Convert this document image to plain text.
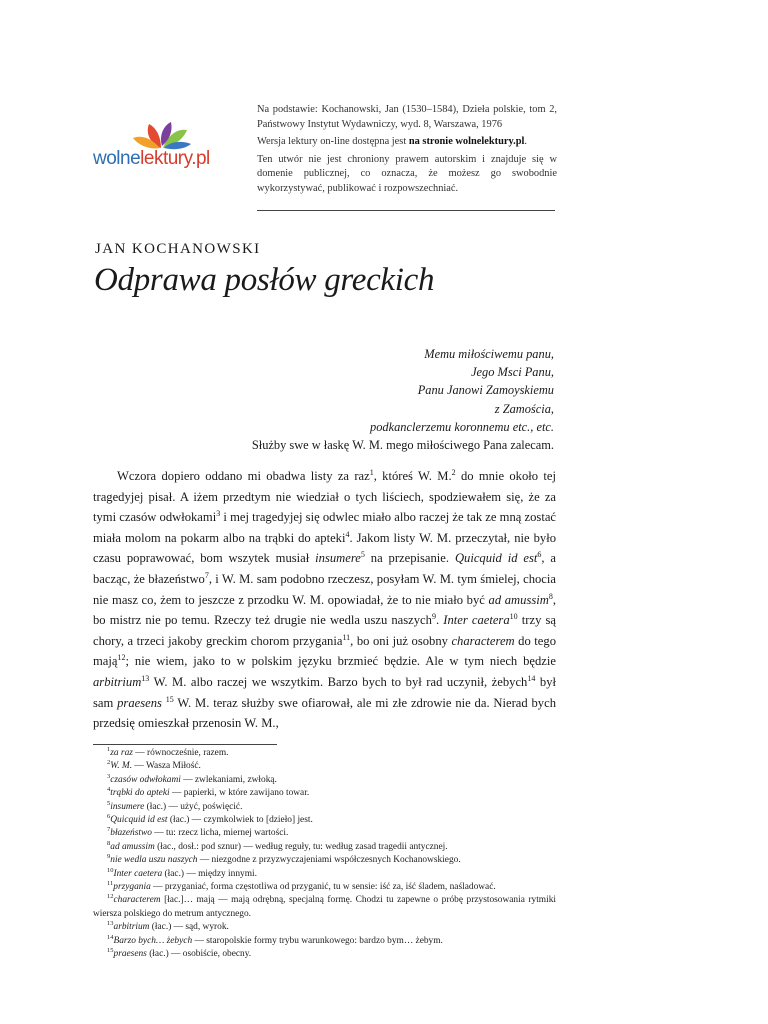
wolnelektury.pl

Na podstawie: Kochanowski, Jan (1530–1584), Dzieła polskie, tom 2, Państwowy Instytut Wydawniczy, wyd. 8, Warszawa, 1976

Wersja lektury on-line dostępna jest na stronie wolnelektury.pl.

Ten utwór nie jest chroniony prawem autorskim i znajduje się w domenie publicznej, co oznacza, że możesz go swobodnie wykorzystywać, publikować i rozpowszechniać.

JAN KOCHANOWSKI
Odprawa posłów greckich
Memu miłościwemu panu,
Jego Msci Panu,
Panu Janowi Zamoyskiemu
z Zamościa,
podkanclerzemu koronnemu etc., etc.
Służby swe w łaskę W. M. mego miłościwego Pana zalecam.

Wczora dopiero oddano mi obadwa listy za raz$^1$, któreś W. M.$^2$ do mnie około tej tragedyjej pisał. A iżem przedtym nie wiedział o tych liściech, spodziewałem się, że za tymi czasów odwłokami$^3$ i mej tragedyjej się odwlec miało albo raczej że tak ze mną zostać miała molom na pokarm albo na trąbki do apteki$^4$. Jakom listy W. M. przeczytał, nie było czasu poprawować, bom wszytek musiał insumere$^5$ na przepisanie. Quicquid id est$^6$, a bacząc, że błazeństwo$^7$, i W. M. sam podobno rzeczesz, posyłam W. M. tym śmielej, chocia nie masz co, żem to jeszcze z przodku W. M. opowiadał, że to nie miało być ad amussim$^8$, bo mistrz nie po temu. Rzeczy też drugie nie wedla uszu naszych$^9$. Inter caetera$^{10}$ trzy są chory, a trzeci jakoby greckim chorom przygania$^{11}$, bo oni już osobny characterem do tego mają$^{12}$; nie wiem, jako to w polskim języku brzmieć będzie. Ale w tym niech będzie arbitrium$^{13}$ W. M. albo raczej we wszytkim. Barzo bych to był rad uczynił, żebych$^{14}$ był sam praesens $^{15}$ W. M. teraz służby swe ofiarował, ale mi złe zdrowie nie da. Nierad bych przedsię omieszkał przenosin W. M.,

$^1$za raz — równocześnie, razem.
$^2$W. M. — Wasza Miłość.
$^3$czasów odwłokami — zwlekaniami, zwłoką.
$^4$trąbki do apteki — papierki, w które zawijano towar.
$^5$insumere (łac.) — użyć, poświęcić.
$^6$Quicquid id est (łac.) — czymkolwiek to [dzieło] jest.
$^7$błazeństwo — tu: rzecz licha, miernej wartości.
$^8$ad amussim (łac., dosł.: pod sznur) — według reguły, tu: według zasad tragedii antycznej.
$^9$nie wedla uszu naszych — niezgodne z przyzwyczajeniami współczesnych Kochanowskiego.
$^{10}$Inter caetera (łac.) — między innymi.
$^{11}$przygania — przyganiać, forma częstotliwa od przyganić, tu w sensie: iść za, iść śladem, naśladować.
$^{12}$characterem [łac.]… mają — mają odrębną, specjalną formę. Chodzi tu zapewne o próbę przystosowania rytmiki wiersza polskiego do metrum antycznego.
$^{13}$arbitrium (łac.) — sąd, wyrok.
$^{14}$Barzo bych… żebych — staropolskie formy trybu warunkowego: bardzo bym… żebym.
$^{15}$praesens (łac.) — osobiście, obecny.
